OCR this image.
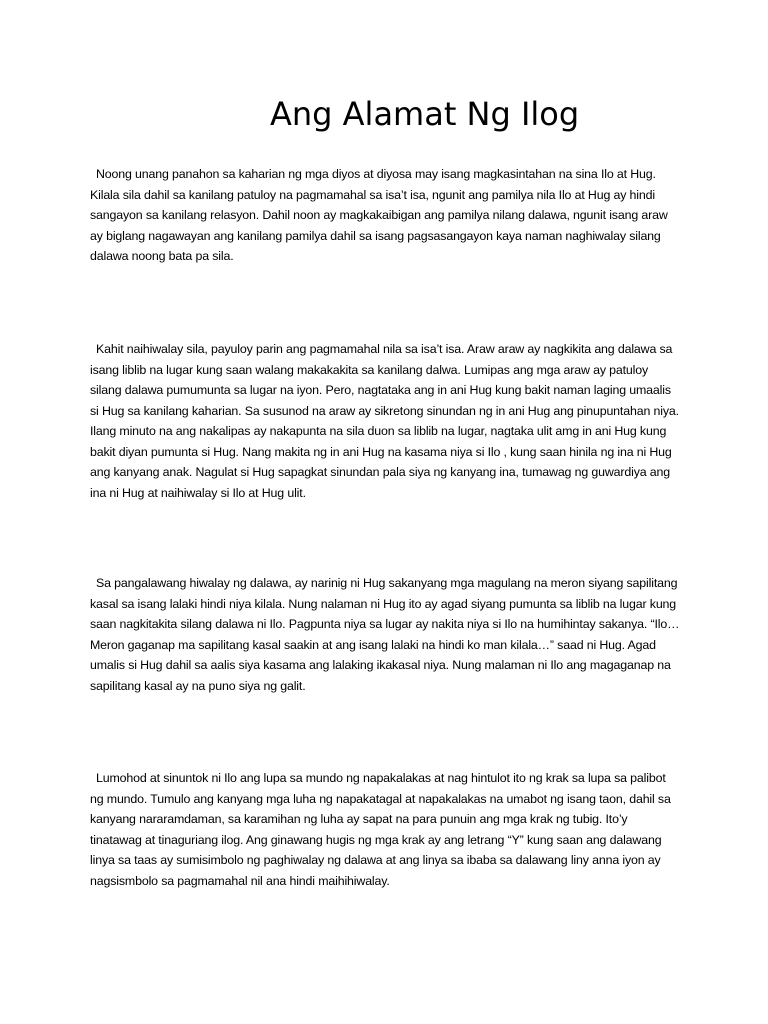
Ang Alamat Ng Ilog

Noong unang panahon sa kaharian ng mga diyos at diyosa may isang magkasintahan na sina Ilo at Hug. Kilala sila dahil sa kanilang patuloy na pagmamahal sa isa’t isa, ngunit ang pamilya nila Ilo at Hug ay hindi sangayon sa kanilang relasyon. Dahil noon ay magkakaibigan ang pamilya nilang dalawa, ngunit isang araw ay biglang nagawayan ang kanilang pamilya dahil sa isang pagsasangayon kaya naman naghiwalay silang dalawa noong bata pa sila.

Kahit naihiwalay sila, payuloy parin ang pagmamahal nila sa isa’t isa. Araw araw ay nagkikita ang dalawa sa isang liblib na lugar kung saan walang makakakita sa kanilang dalwa. Lumipas ang mga araw ay patuloy silang dalawa pumumunta sa lugar na iyon. Pero, nagtataka ang in ani Hug kung bakit naman laging umaalis si Hug sa kanilang kaharian. Sa susunod na araw ay sikretong sinundan ng in ani Hug ang pinupuntahan niya. Ilang minuto na ang nakalipas ay nakapunta na sila duon sa liblib na lugar, nagtaka ulit amg in ani Hug kung bakit diyan pumunta si Hug. Nang makita ng in ani Hug na kasama niya si Ilo , kung saan hinila ng ina ni Hug ang kanyang anak. Nagulat si Hug sapagkat sinundan pala siya ng kanyang ina, tumawag ng guwardiya ang ina ni Hug at naihiwalay si Ilo at Hug ulit.

Sa pangalawang hiwalay ng dalawa, ay narinig ni Hug sakanyang mga magulang na meron siyang sapilitang kasal sa isang lalaki hindi niya kilala. Nung nalaman ni Hug ito ay agad siyang pumunta sa liblib na lugar kung saan nagkitakita silang dalawa ni Ilo. Pagpunta niya sa lugar ay nakita niya si Ilo na humihintay sakanya. “Ilo… Meron gaganap ma sapilitang kasal saakin at ang isang lalaki na hindi ko man kilala…” saad ni Hug. Agad umalis si Hug dahil sa aalis siya kasama ang lalaking ikakasal niya. Nung malaman ni Ilo ang magaganap na sapilitang kasal ay na puno siya ng galit.

Lumohod at sinuntok ni Ilo ang lupa sa mundo ng napakalakas at nag hintulot ito ng krak sa lupa sa palibot ng mundo. Tumulo ang kanyang mga luha ng napakatagal at napakalakas na umabot ng isang taon, dahil sa kanyang nararamdaman, sa karamihan ng luha ay sapat na para punuin ang mga krak ng tubig. Ito’y tinatawag at tinaguriang ilog. Ang ginawang hugis ng mga krak ay ang letrang “Y” kung saan ang dalawang linya sa taas ay sumisimbolo ng paghiwalay ng dalawa at ang linya sa ibaba sa dalawang liny anna iyon ay nagsismbolo sa pagmamahal nil ana hindi maihihiwalay.
